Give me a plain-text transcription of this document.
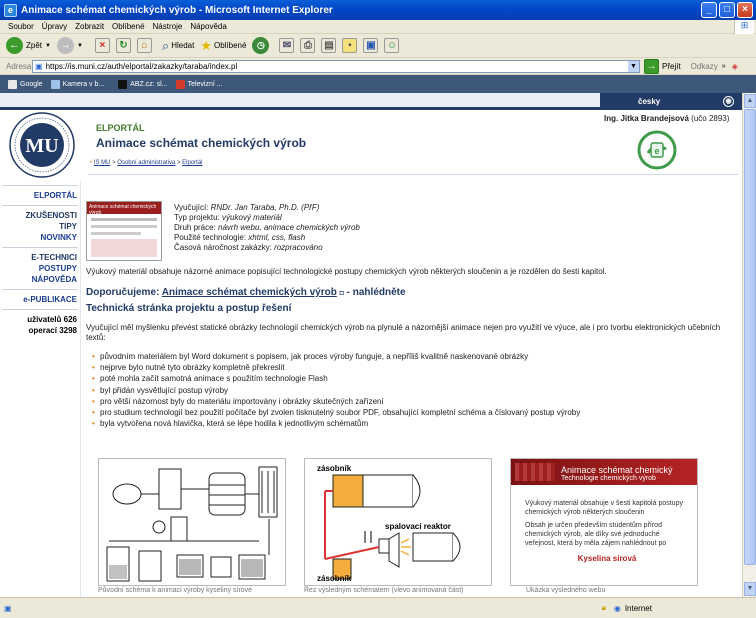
e Animace schémat chemických výrob - Microsoft Internet Explorer	_	□	×
Soubor Úpravy Zobrazit Oblíbené Nástroje Nápověda	⊞
← Zpět ▼ →	▼	×	↻	⌂	⌕ Hledat ★ Oblíbené	◷	✉	⎙	▤	▪	▣ ☺
Adresa ▣ https://is.muni.cz/auth/elportal/zakazky/taraba/index.pl	▼ → Přejít Odkazy » ◈
Google	Kamera v b...	ABZ.cz: sl...	Televizní ...
česky	◉
MU
ELPORTÁL
Animace schémat chemických výrob
• IS MU > Osobní administrativa > Elportál
Ing. Jitka Brandejsová (učo 2893)
e
ELPORTÁL
ZKUŠENOSTI
TIPY
NOVINKY
E-TECHNICI
POSTUPY
NÁPOVĚDA
e-PUBLIKACE
uživatelů 626
operací 3298
Animace schémat chemických výrob
Vyučující: RNDr. Jan Taraba, Ph.D. (PřF)
Typ projektu: výukový materiál
Druh práce: návrh webu, animace chemických výrob
Použité technologie: xhtml, css, flash
Časová náročnost zakázky: rozpracováno
Výukový materiál obsahuje názorné animace popisující technologické postupy chemických výrob některých sloučenin a je rozdělen do šesti kapitol.
Doporučujeme: Animace schémat chemických výrob ◘ - nahlédněte
Technická stránka projektu a postup řešení
Vyučující měl myšlenku převést statické obrázky technologií chemických výrob na plynulé a názornější animace nejen pro využití ve výuce, ale i pro tvorbu elektronických učebních textů:
• původním materiálem byl Word dokument s popisem, jak proces výroby funguje, a nepříliš kvalitně naskenované obrázky
• nejprve bylo nutné tyto obrázky kompletně překreslit
• poté mohla začít samotná animace s použitím technologie Flash
• byl přidán vysvětlující postup výroby
• pro větší názornost byly do materiálu importovány i obrázky skutečných zařízení
• pro studium technologií bez použití počítače byl zvolen tisknutelný soubor PDF, obsahující kompletní schéma a číslovaný postup výroby
• byla vytvořena nová hlavička, která se lépe hodila k jednotlivým schématům
Původní schéma k animaci výroby kyseliny sírové
zásobník
spalovací reaktor
zásobník
Řez výsledným schématem (vlevo animovaná část)
Animace schémat chemický
Technologie chemických výrob
Výukový materiál obsahuje v šesti kapitolá postupy chemických výrob některých sloučenin
Obsah je určen především studentům přírod chemických výrob, ale díky své jednoduché veřejnost, která by měla zájem nahlédnout po
Kyselina sírová
Ukázka výsledného webu
▲
▼
▣	🔒︎ ◉ Internet
